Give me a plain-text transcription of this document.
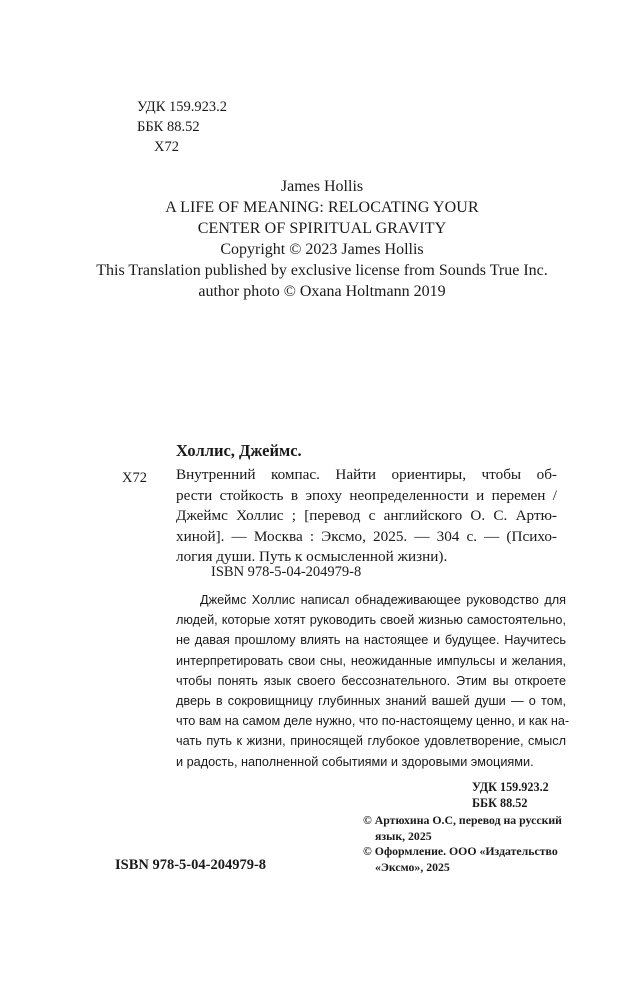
УДК 159.923.2
ББК 88.52
Х72
James Hollis
A LIFE OF MEANING: RELOCATING YOUR
CENTER OF SPIRITUAL GRAVITY
Copyright © 2023 James Hollis
This Translation published by exclusive license from Sounds True Inc.
author photo © Oxana Holtmann 2019
Холлис, Джеймс.
Х72 Внутренний компас. Найти ориентиры, чтобы об-
рести стойкость в эпоху неопределенности и перемен /
Джеймс Холлис ; [перевод с английского О. С. Артю-
хиной]. — Москва : Эксмо, 2025. — 304 с. — (Психо-
логия души. Путь к осмысленной жизни).
ISBN 978-5-04-204979-8
Джеймс Холлис написал обнадеживающее руководство для
людей, которые хотят руководить своей жизнью самостоятельно,
не давая прошлому влиять на настоящее и будущее. Научитесь
интерпретировать свои сны, неожиданные импульсы и желания,
чтобы понять язык своего бессознательного. Этим вы откроете
дверь в сокровищницу глубинных знаний вашей души — о том,
что вам на самом деле нужно, что по-настоящему ценно, и как на-
чать путь к жизни, приносящей глубокое удовлетворение, смысл
и радость, наполненной событиями и здоровыми эмоциями.
УДК 159.923.2
ББК 88.52
© Артюхина О.С, перевод на русский
язык, 2025
© Оформление. ООО «Издательство
«Эксмо», 2025
ISBN 978-5-04-204979-8
